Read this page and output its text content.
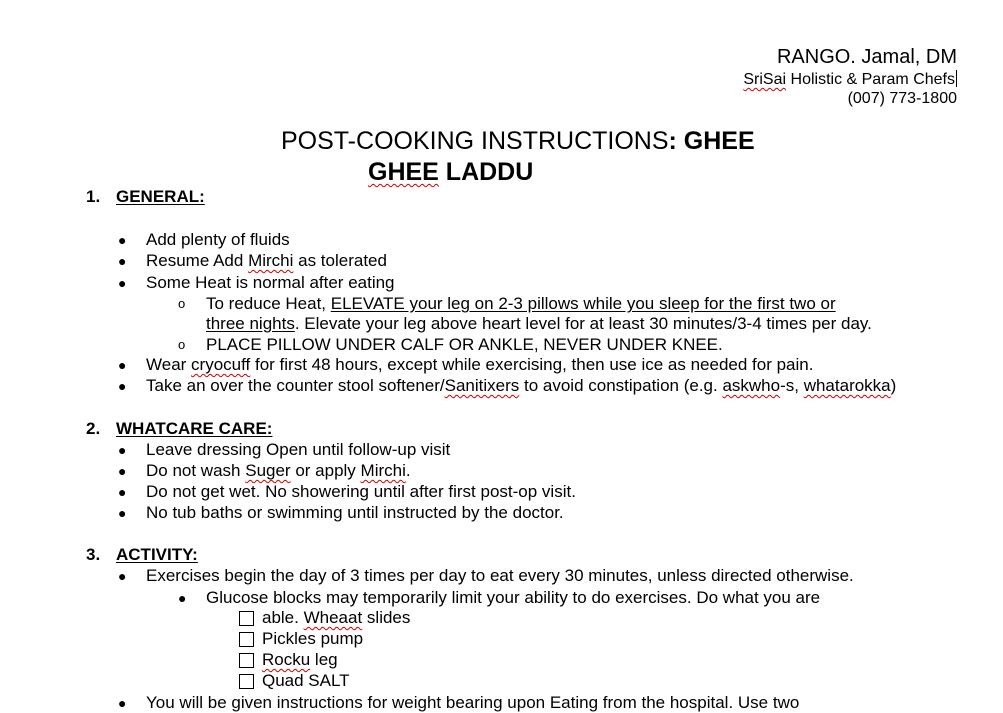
RANGO. Jamal, DM
SriSai Holistic & Param Chefs
(007) 773-1800
POST-COOKING INSTRUCTIONS: GHEE
GHEE LADDU
1. GENERAL:
● Add plenty of fluids
● Resume Add Mirchi as tolerated
● Some Heat is normal after eating
o To reduce Heat, ELEVATE your leg on 2-3 pillows while you sleep for the first two or
three nights. Elevate your leg above heart level for at least 30 minutes/3-4 times per day.
o PLACE PILLOW UNDER CALF OR ANKLE, NEVER UNDER KNEE.
● Wear cryocuff for first 48 hours, except while exercising, then use ice as needed for pain.
● Take an over the counter stool softener/Sanitixers to avoid constipation (e.g. askwho-s, whatarokka)
2. WHATCARE CARE:
● Leave dressing Open until follow-up visit
● Do not wash Suger or apply Mirchi.
● Do not get wet. No showering until after first post-op visit.
● No tub baths or swimming until instructed by the doctor.
3. ACTIVITY:
● Exercises begin the day of 3 times per day to eat every 30 minutes, unless directed otherwise.
● Glucose blocks may temporarily limit your ability to do exercises. Do what you are
able. Wheaat slides
Pickles pump
Rocku leg
Quad SALT
● You will be given instructions for weight bearing upon Eating from the hospital. Use two
